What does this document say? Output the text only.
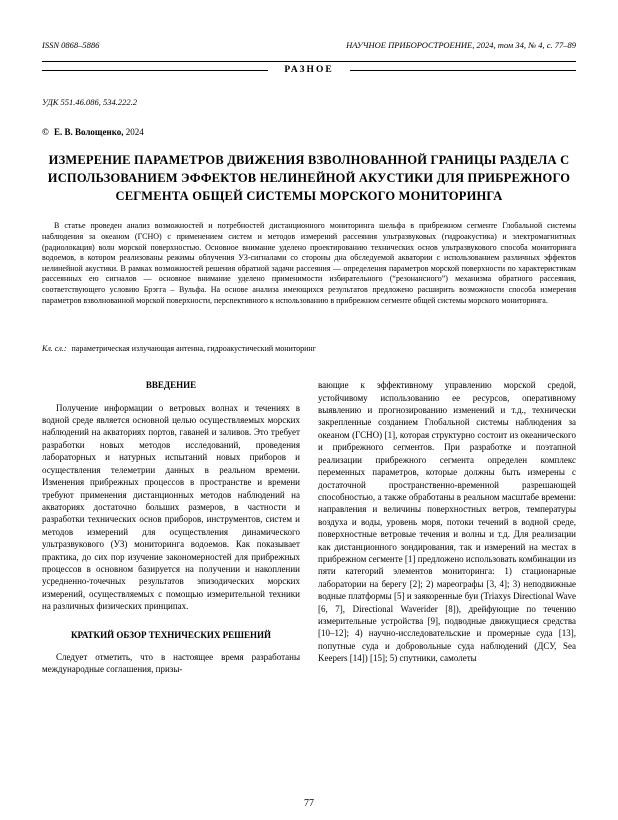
ISSN 0868–5886	НАУЧНОЕ ПРИБОРОСТРОЕНИЕ, 2024, том 34, № 4, c. 77–89
РАЗНОЕ
УДК 551.46.086, 534.222.2
© Е. В. Волощенко, 2024
ИЗМЕРЕНИЕ ПАРАМЕТРОВ ДВИЖЕНИЯ ВЗВОЛНОВАННОЙ ГРАНИЦЫ РАЗДЕЛА С ИСПОЛЬЗОВАНИЕМ ЭФФЕКТОВ НЕЛИНЕЙНОЙ АКУСТИКИ ДЛЯ ПРИБРЕЖНОГО СЕГМЕНТА ОБЩЕЙ СИСТЕМЫ МОРСКОГО МОНИТОРИНГА
В статье проведен анализ возможностей и потребностей дистанционного мониторинга шельфа в прибрежном сегменте Глобальной системы наблюдения за океаном (ГСНО) с применением систем и методов измерений рассеяния ультразвуковых (гидроакустика) и электромагнитных (радиолокация) волн морской поверхностью. Основное внимание уделено проектированию технических основ ультразвукового способа мониторинга водоемов, в котором реализованы режимы облучения УЗ-сигналами со стороны дна обследуемой акватории с использованием различных эффектов нелинейной акустики. В рамках возможностей решения обратной задачи рассеяния — определения параметров морской поверхности по характеристикам рассеянных ею сигналов — основное внимание уделено применимости избирательного (“резонансного”) механизма обратного рассеяния, соответствующего условию Брэгга – Вульфа. На основе анализа имеющихся результатов предложено расширить возможности способа измерения параметров взволнованной морской поверхности, перспективного к использованию в прибрежном сегменте общей системы морского мониторинга.
Кл. сл.: параметрическая излучающая антенна, гидроакустический мониторинг
ВВЕДЕНИЕ

Получение информации о ветровых волнах и течениях в водной среде является основной целью осуществляемых морских наблюдений на акваториях портов, гаваней и заливов. Это требует разработки новых методов исследований, проведения лабораторных и натурных испытаний новых приборов и осуществления телеметрии данных в реальном времени. Изменения прибрежных процессов в пространстве и времени требуют применения дистанционных методов наблюдений на акваториях достаточно больших размеров, в частности и разработки технических основ приборов, инструментов, систем и методов измерений для осуществления динамического ультразвукового (УЗ) мониторинга водоемов. Как показывает практика, до сих пор изучение закономерностей для прибрежных процессов в основном базируется на получении и накоплении усредненно-точечных результатов эпизодических морских измерений, осуществляемых с помощью измерительной техники на различных физических принципах.

КРАТКИЙ ОБЗОР ТЕХНИЧЕСКИХ РЕШЕНИЙ

Следует отметить, что в настоящее время разработаны международные соглашения, призы-

вающие к эффективному управлению морской средой, устойчивому использованию ее ресурсов, оперативному выявлению и прогнозированию изменений и т.д., технически закрепленные созданием Глобальной системы наблюдения за океаном (ГСНО) [1], которая структурно состоит из океанического и прибрежного сегментов. При разработке и поэтапной реализации прибрежного сегмента определен комплекс переменных параметров, которые должны быть измерены с достаточной пространственно-временной разрешающей способностью, а также обработаны в реальном масштабе времени: направления и величины поверхностных ветров, температуры воздуха и воды, уровень моря, потоки течений в водной среде, поверхностные ветровые течения и волны и т.д. Для реализации как дистанционного зондирования, так и измерений на местах в прибрежном сегменте [1] предложено использовать комбинации из пяти категорий элементов мониторинга: 1) стационарные лаборатории на берегу [2]; 2) мареографы [3, 4]; 3) неподвижные водные платформы [5] и заякоренные буи (Triaxys Directional Wave [6, 7], Directional Waverider [8]), дрейфующие по течению измерительные устройства [9], подводные движущиеся средства [10–12]; 4) научно-исследовательские и промерные суда [13], попутные суда и добровольные суда наблюдений (ДСУ, Sea Keepers [14]) [15]; 5) спутники, самолеты

77
